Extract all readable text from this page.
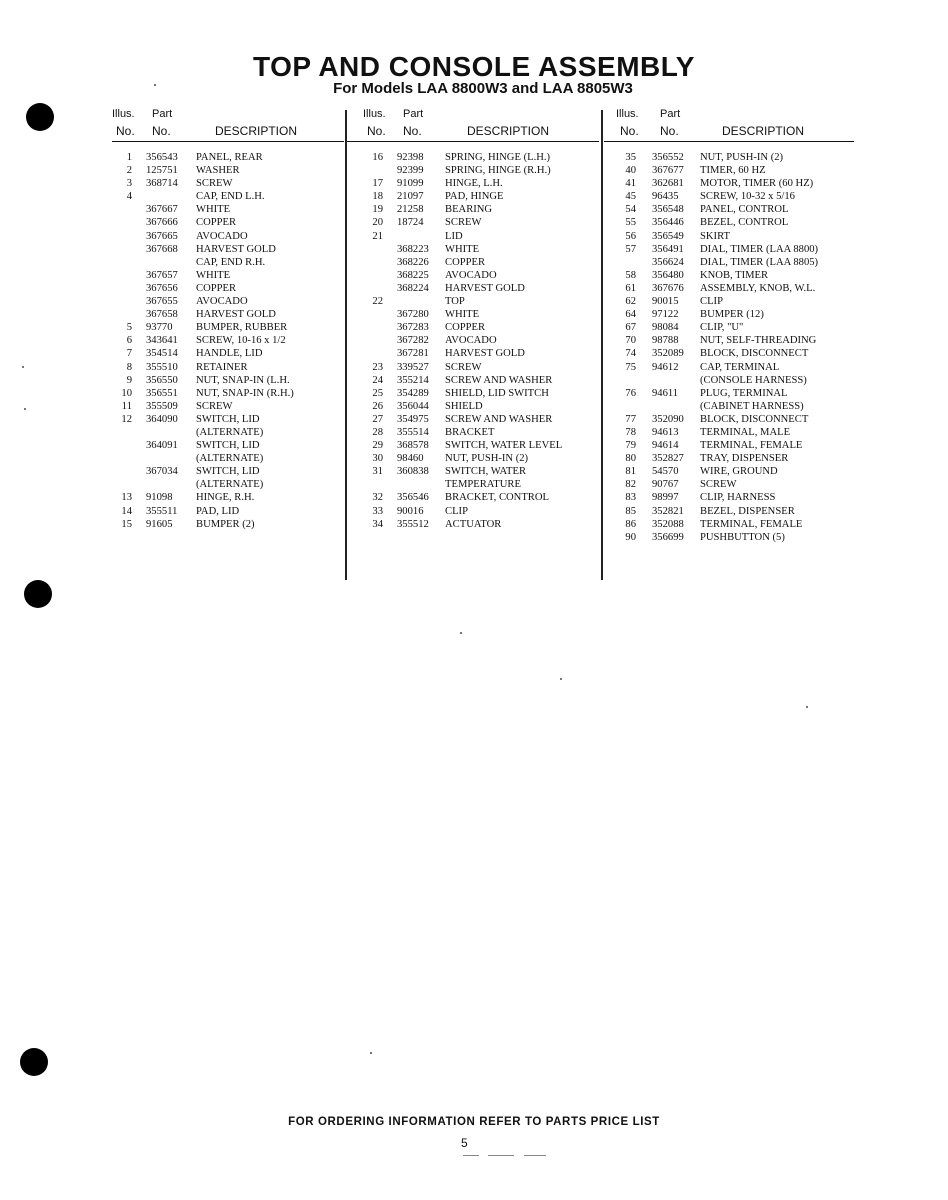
TOP AND CONSOLE ASSEMBLY
For Models LAA 8800W3 and LAA 8805W3
Illus. Part
No. No.	DESCRIPTION
1 356543 PANEL, REAR
2 125751 WASHER
3 368714 SCREW
4	CAP, END L.H.
367667 WHITE
367666 COPPER
367665 AVOCADO
367668 HARVEST GOLD
CAP, END R.H.
367657 WHITE
367656 COPPER
367655 AVOCADO
367658 HARVEST GOLD
5 93770 BUMPER, RUBBER
6 343641 SCREW, 10-16 x 1/2
7 354514 HANDLE, LID
8 355510 RETAINER
9 356550 NUT, SNAP-IN (L.H.
10 356551 NUT, SNAP-IN (R.H.)
11 355509 SCREW
12 364090 SWITCH, LID
(ALTERNATE)
364091 SWITCH, LID
(ALTERNATE)
367034 SWITCH, LID
(ALTERNATE)
13 91098 HINGE, R.H.
14 355511 PAD, LID
15 91605 BUMPER (2)
Illus. Part
No. No.	DESCRIPTION
16 92398 SPRING, HINGE (L.H.)
92399 SPRING, HINGE (R.H.)
17 91099 HINGE, L.H.
18 21097 PAD, HINGE
19 21258 BEARING
20 18724 SCREW
21	LID
368223 WHITE
368226 COPPER
368225 AVOCADO
368224 HARVEST GOLD
22	TOP
367280 WHITE
367283 COPPER
367282 AVOCADO
367281 HARVEST GOLD
23 339527 SCREW
24 355214 SCREW AND WASHER
25 354289 SHIELD, LID SWITCH
26 356044 SHIELD
27 354975 SCREW AND WASHER
28 355514 BRACKET
29 368578 SWITCH, WATER LEVEL
30 98460 NUT, PUSH-IN (2)
31 360838 SWITCH, WATER
TEMPERATURE
32 356546 BRACKET, CONTROL
33 90016 CLIP
34 355512 ACTUATOR
Illus. Part
No. No.	DESCRIPTION
35 356552 NUT, PUSH-IN (2)
40 367677 TIMER, 60 HZ
41 362681 MOTOR, TIMER (60 HZ)
45 96435 SCREW, 10-32 x 5/16
54 356548 PANEL, CONTROL
55 356446 BEZEL, CONTROL
56 356549 SKIRT
57 356491 DIAL, TIMER (LAA 8800)
356624 DIAL, TIMER (LAA 8805)
58 356480 KNOB, TIMER
61 367676 ASSEMBLY, KNOB, W.L.
62 90015 CLIP
64 97122 BUMPER (12)
67 98084 CLIP, "U"
70 98788 NUT, SELF-THREADING
74 352089 BLOCK, DISCONNECT
75 94612 CAP, TERMINAL
(CONSOLE HARNESS)
76 94611 PLUG, TERMINAL
(CABINET HARNESS)
77 352090 BLOCK, DISCONNECT
78 94613 TERMINAL, MALE
79 94614 TERMINAL, FEMALE
80 352827 TRAY, DISPENSER
81 54570 WIRE, GROUND
82 90767 SCREW
83 98997 CLIP, HARNESS
85 352821 BEZEL, DISPENSER
86 352088 TERMINAL, FEMALE
90 356699 PUSHBUTTON (5)
FOR ORDERING INFORMATION REFER TO PARTS PRICE LIST
5
